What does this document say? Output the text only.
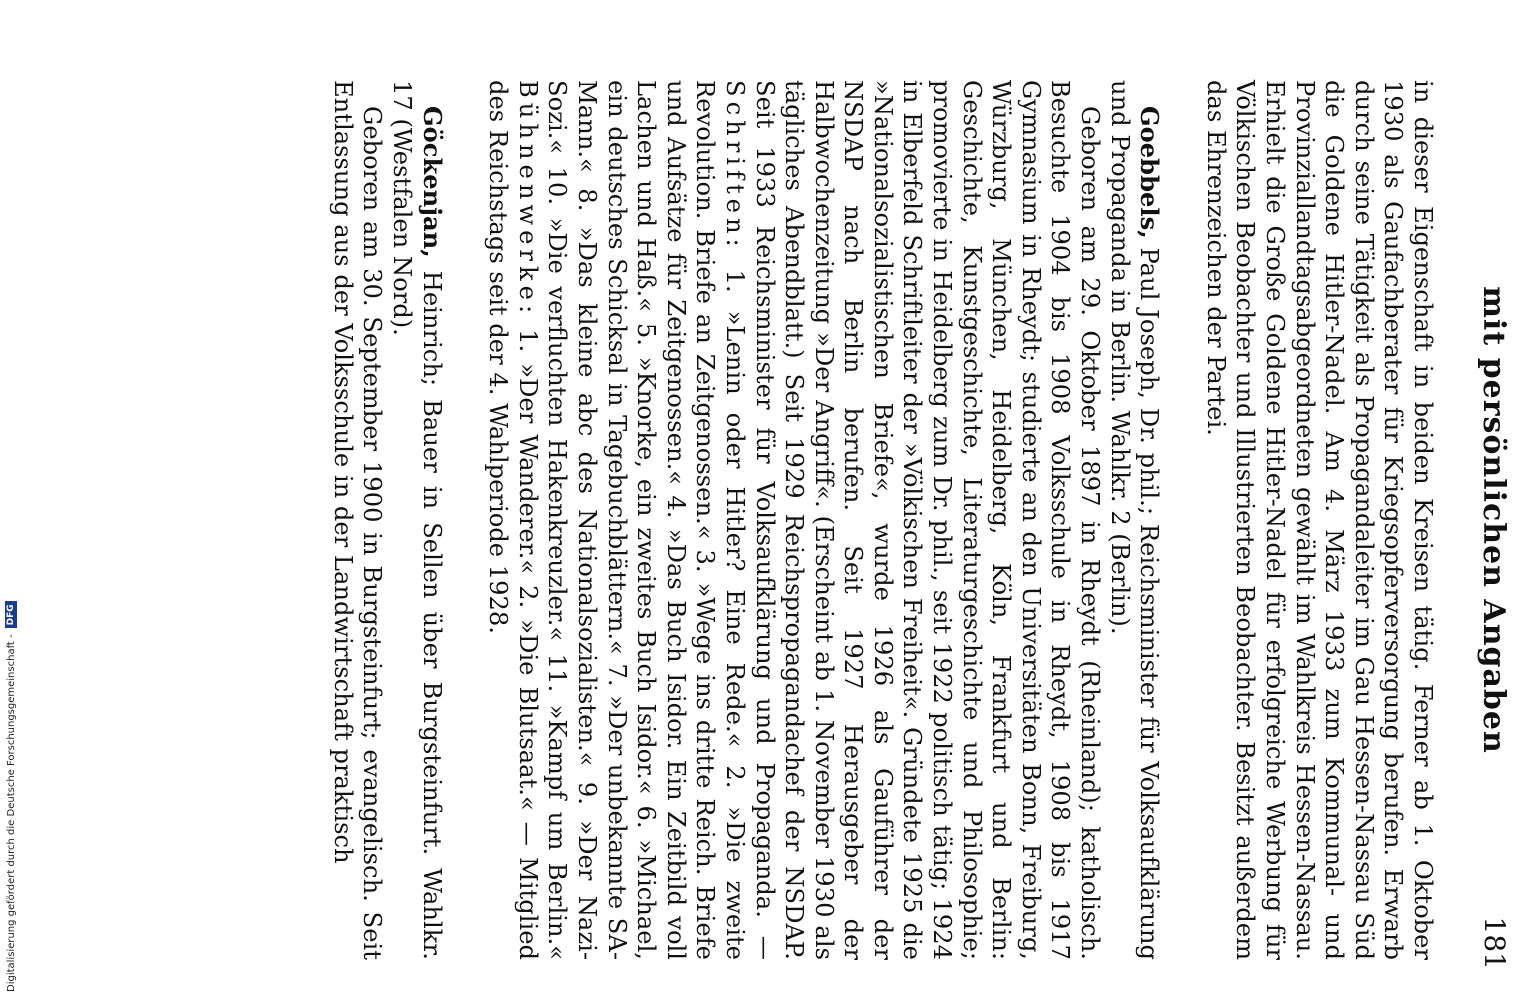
Digitalisierung gefördert durch die Deutsche Forschungsgemeinschaft -DFG	mit persönlichen Angaben
181

in dieser Eigenschaft in beiden Kreisen tätig. Ferner ab 1. Oktober 1930 als Gaufachberater für Kriegsopferversorgung berufen. Erwarb durch seine Tätigkeit als Propagandaleiter im Gau Hessen-Nassau Süd die Goldene Hitler-Nadel. Am 4. März 1933 zum Kommunal- und Provinziallandtagsabgeordneten gewählt im Wahlkreis Hessen-Nassau. Erhielt die Große Goldene Hitler-Nadel für erfolgreiche Werbung für Völkischen Beobachter und Illustrierten Beobachter. Besitzt außerdem das Ehrenzeichen der Partei.

Goebbels, Paul Joseph, Dr. phil.; Reichsminister für Volksaufklärung und Propaganda in Berlin. Wahlkr. 2 (Berlin).

Geboren am 29. Oktober 1897 in Rheydt (Rheinland); katholisch. Besuchte 1904 bis 1908 Volksschule in Rheydt, 1908 bis 1917 Gymnasium in Rheydt; studierte an den Universitäten Bonn, Freiburg, Würzburg, München, Heidelberg, Köln, Frankfurt und Berlin: Geschichte, Kunstgeschichte, Literaturgeschichte und Philosophie; promovierte in Heidelberg zum Dr. phil., seit 1922 politisch tätig; 1924 in Elberfeld Schriftleiter der »Völkischen Freiheit«. Gründete 1925 die »Nationalsozialistischen Briefe«, wurde 1926 als Gauführer der NSDAP nach Berlin berufen. Seit 1927 Herausgeber der Halbwochenzeitung »Der Angriff«. (Erscheint ab 1. November 1930 als tägliches Abendblatt.) Seit 1929 Reichspropagandachef der NSDAP. Seit 1933 Reichsminister für Volksaufklärung und Propaganda. — Schriften: 1. »Lenin oder Hitler? Eine Rede.« 2. »Die zweite Revolution. Briefe an Zeitgenossen.« 3. »Wege ins dritte Reich. Briefe und Aufsätze für Zeitgenossen.« 4. »Das Buch Isidor. Ein Zeitbild voll Lachen und Haß.« 5. »Knorke, ein zweites Buch Isidor.« 6. »Michael, ein deutsches Schicksal in Tagebuchblättern.« 7. »Der unbekannte SA-Mann.« 8. »Das kleine abc des Nationalsozialisten.« 9. »Der Nazi-Sozi.« 10. »Die verfluchten Hakenkreuzler.« 11. »Kampf um Berlin.« Bühnenwerke: 1. »Der Wanderer.« 2. »Die Blutsaat.« — Mitglied des Reichstags seit der 4. Wahlperiode 1928.

Göckenjan, Heinrich; Bauer in Sellen über Burgsteinfurt. Wahlkr. 17 (Westfalen Nord).

Geboren am 30. September 1900 in Burgsteinfurt; evangelisch. Seit Entlassung aus der Volksschule in der Landwirtschaft praktisch
